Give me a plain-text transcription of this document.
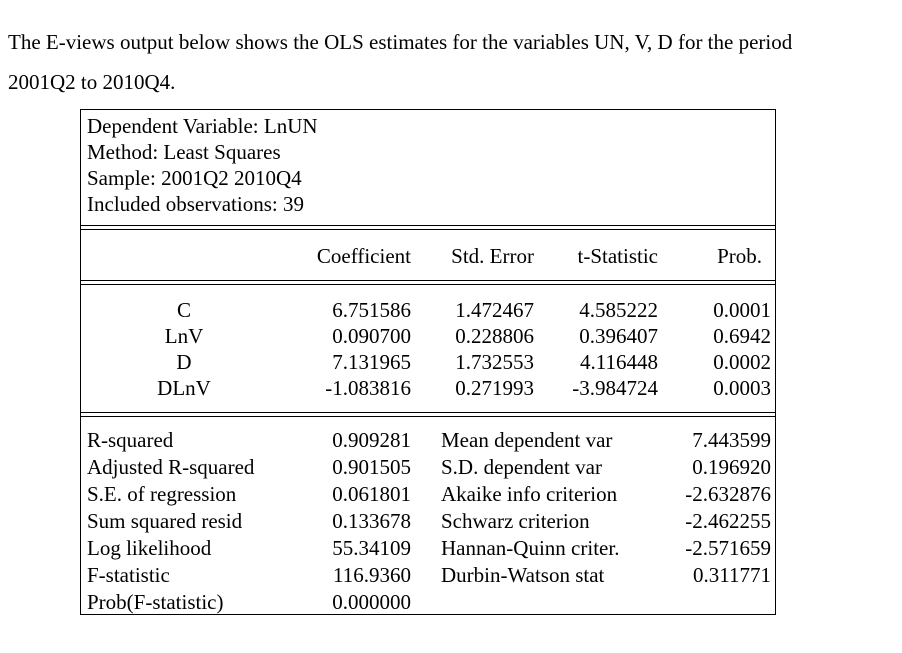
The E-views output below shows the OLS estimates for the variables UN, V, D for the period
2001Q2 to 2010Q4.
Dependent Variable: LnUN
Method: Least Squares
Sample: 2001Q2 2010Q4
Included observations: 39
Coefficient Std. Error t-Statistic	Prob.
C	6.751586 1.472467 4.585222	0.0001
LnV	0.090700 0.228806 0.396407	0.6942
D	7.131965 1.732553 4.116448	0.0002
DLnV	-1.083816 0.271993 -3.984724	0.0003
R-squared	0.909281 Mean dependent var	7.443599
Adjusted R-squared	0.901505 S.D. dependent var	0.196920
S.E. of regression	0.061801 Akaike info criterion	-2.632876
Sum squared resid	0.133678 Schwarz criterion	-2.462255
Log likelihood	55.34109 Hannan-Quinn criter.	-2.571659
F-statistic	116.9360 Durbin-Watson stat	0.311771
Prob(F-statistic)	0.000000
